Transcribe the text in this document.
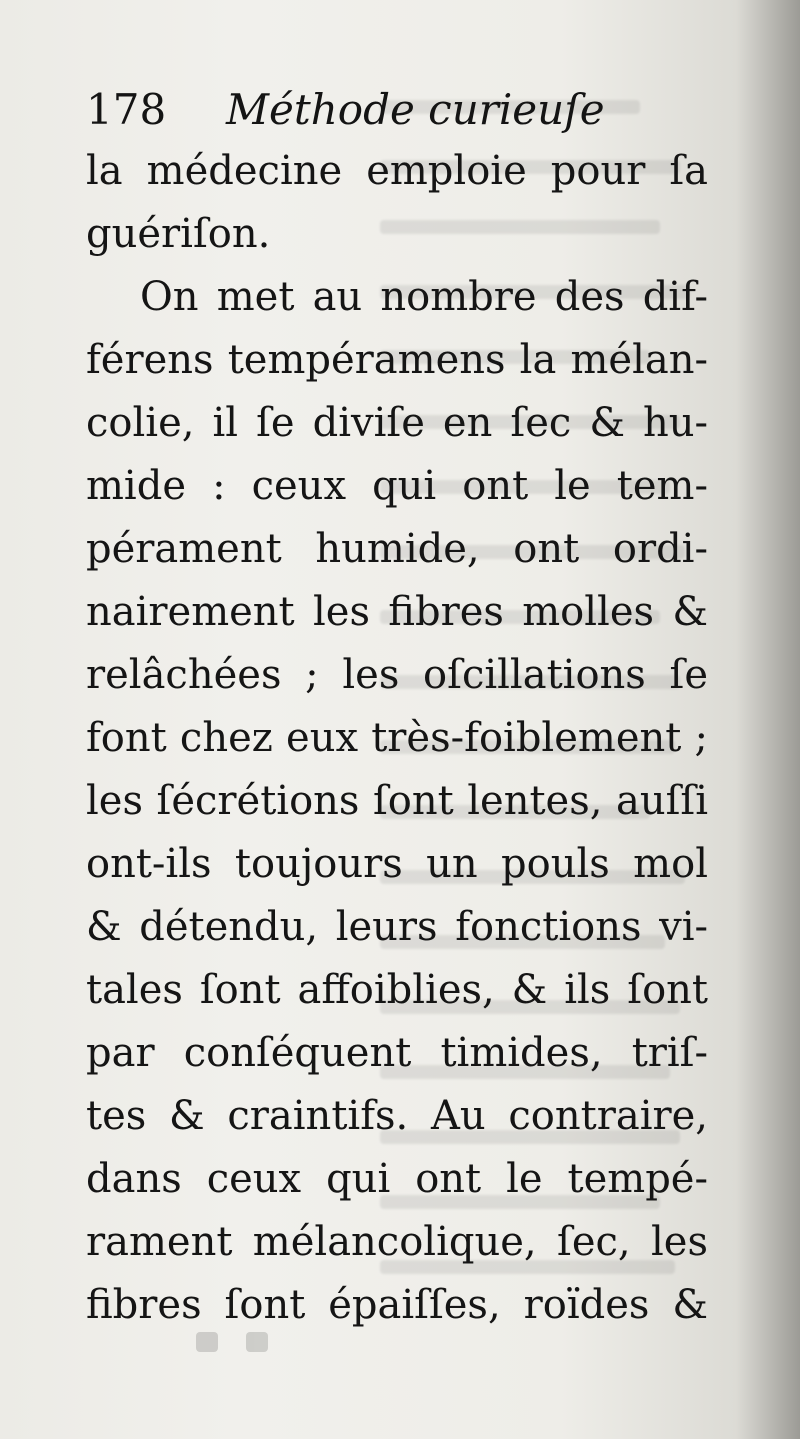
178 Méthode curieuſe
la médecine emploie pour ſa
guériſon.
On met au nombre des dif-
férens tempéramens la mélan-
colie, il ſe diviſe en ſec & hu-
mide : ceux qui ont le tem-
pérament humide, ont ordi-
nairement les fibres molles &
relâchées ; les oſcillations ſe
font chez eux très-foiblement ;
les ſécrétions ſont lentes, auſſi
ont-ils toujours un pouls mol
& détendu, leurs fonctions vi-
tales ſont affoiblies, & ils ſont
par conſéquent timides, triſ-
tes & craintifs. Au contraire,
dans ceux qui ont le tempé-
rament mélancolique, ſec, les
fibres ſont épaiſſes, roïdes &
